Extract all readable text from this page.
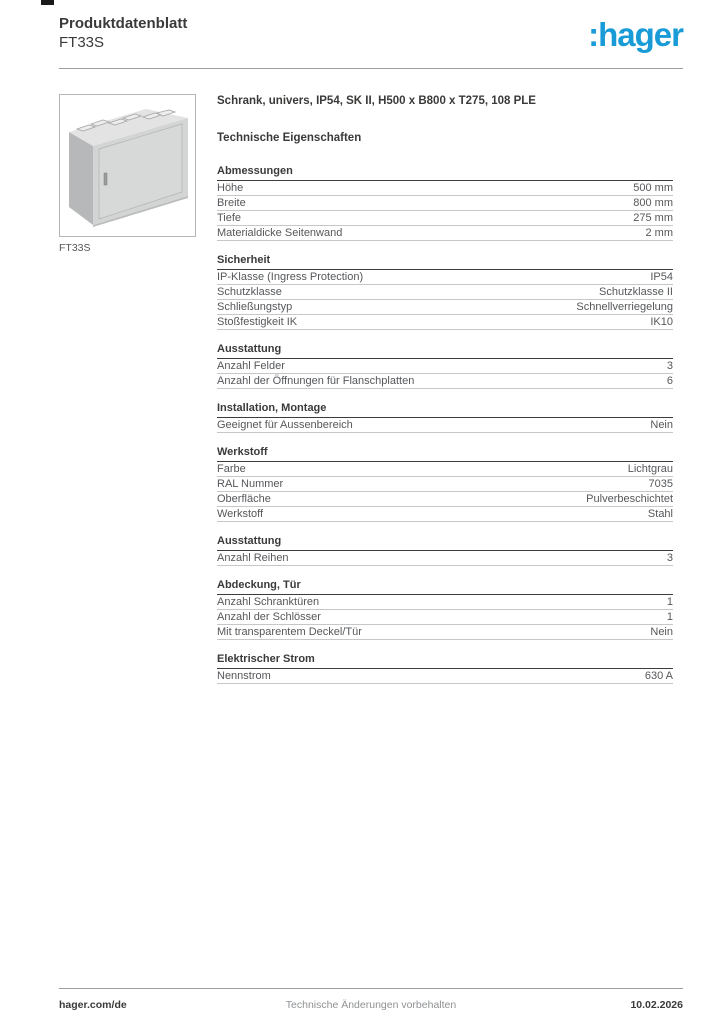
Produktdatenblatt
FT33S	:hager
FT33S
Schrank, univers, IP54, SK II, H500 x B800 x T275, 108 PLE
Technische Eigenschaften
Abmessungen
Höhe	500 mm
Breite	800 mm
Tiefe	275 mm
Materialdicke Seitenwand	2 mm
Sicherheit
IP-Klasse (Ingress Protection)	IP54
Schutzklasse	Schutzklasse II
Schließungstyp	Schnellverriegelung
Stoßfestigkeit IK	IK10
Ausstattung
Anzahl Felder	3
Anzahl der Öffnungen für Flanschplatten	6
Installation, Montage
Geeignet für Aussenbereich	Nein
Werkstoff
Farbe	Lichtgrau
RAL Nummer	7035
Oberfläche	Pulverbeschichtet
Werkstoff	Stahl
Ausstattung
Anzahl Reihen	3
Abdeckung, Tür
Anzahl Schranktüren	1
Anzahl der Schlösser	1
Mit transparentem Deckel/Tür	Nein
Elektrischer Strom
Nennstrom	630 A
hager.com/de	Technische Änderungen vorbehalten	10.02.2026
